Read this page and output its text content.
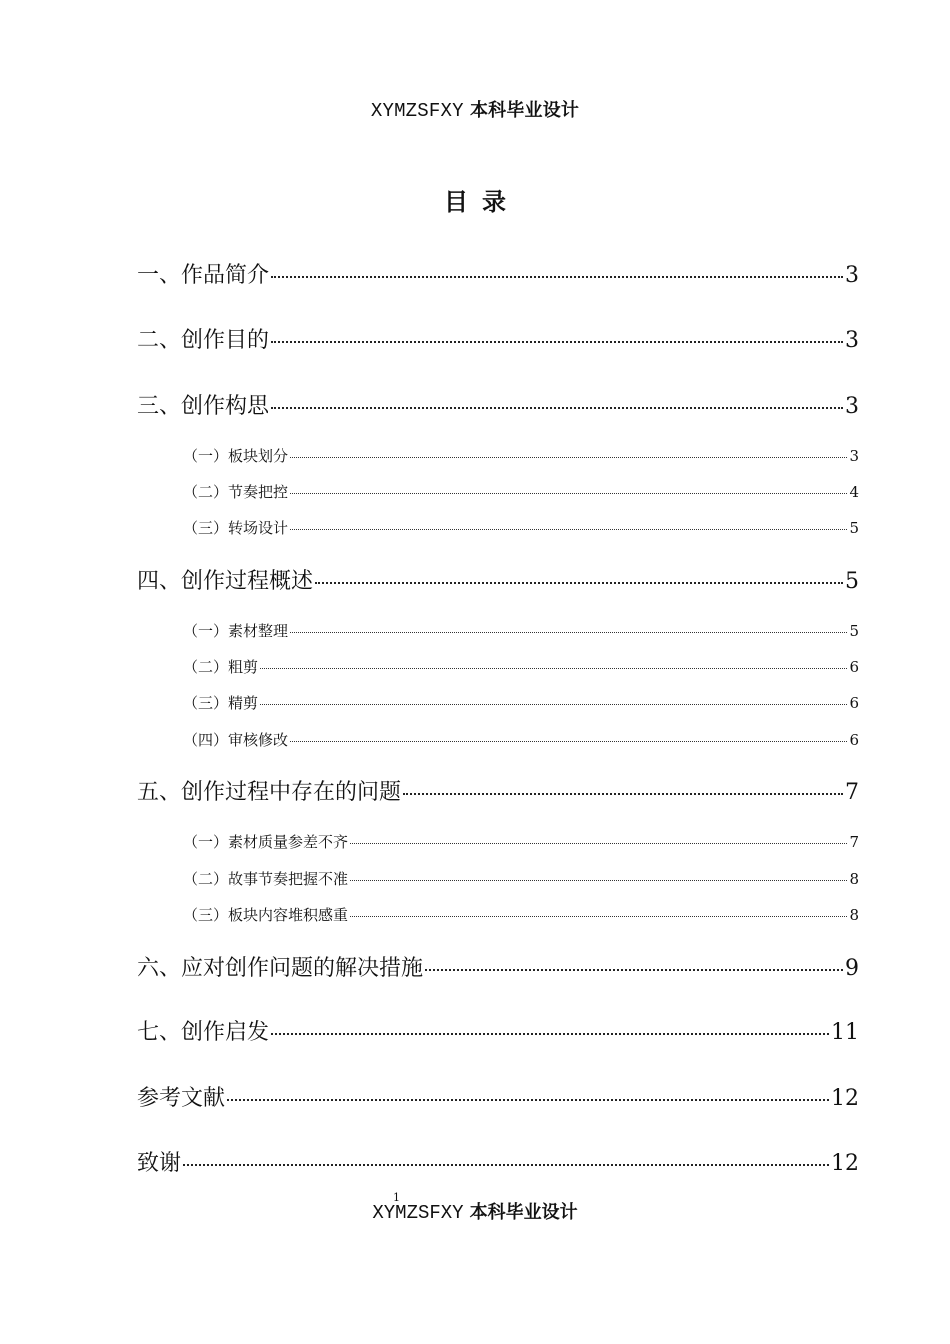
XYMZSFXY 本科毕业设计
目录
一、作品简介	3
二、创作目的	3
三、创作构思	3
（一）板块划分	3
（二）节奏把控	4
（三）转场设计	5
四、创作过程概述	5
（一）素材整理	5
（二）粗剪	6
（三）精剪	6
（四）审核修改	6
五、创作过程中存在的问题	7
（一）素材质量参差不齐	7
（二）故事节奏把握不准	8
（三）板块内容堆积感重	8
六、应对创作问题的解决措施	9
七、创作启发	11
参考文献	12
致谢	12
XYMZSFXY 本科毕业设计
1
